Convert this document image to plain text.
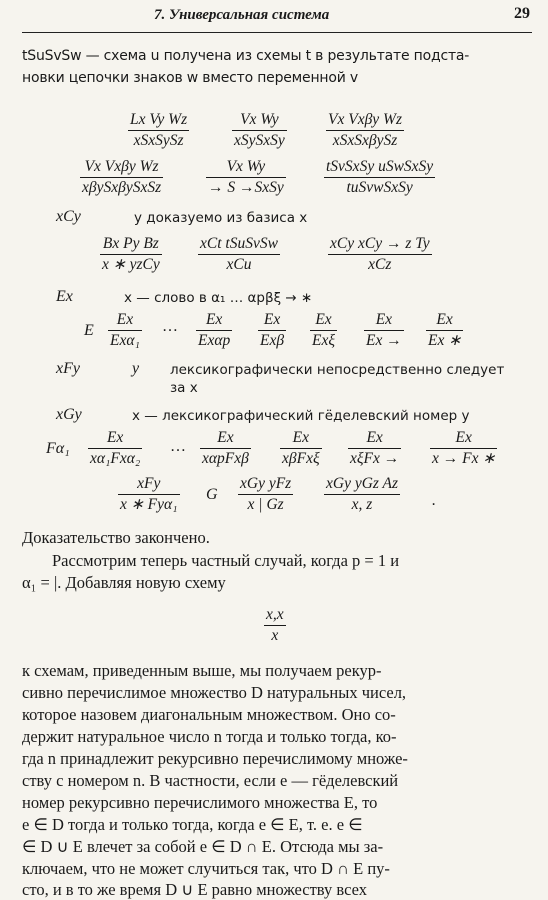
7. Универсальная система	29
tSuSvSw — схема u получена из схемы t в результате подста-
новки цепочки знаков w вместо переменной v
Lx Vy Wz
xSxSySz
Vx Wy
xSySxSy
Vx Vxβy Wz
xSxSxβySz
Vx Vxβy Wz
xβySxβySxSz
Vx Wy
→ S →SxSy
tSvSxSy uSwSxSy
tuSvwSxSy
xCy	y доказуемо из базиса x
Bx Py Bz
x ∗ yzCy
xCt tSuSvSw
xCu
xCy xCy → z Ty
xCz
Ex	x — слово в α₁ … αpβξ → ∗
E
Ex
Exα₁
…	Ex
Exαp
Ex
Exβ
Ex
Exξ $\frac{Ex}{Ex \to} \frac{Ex}{Ex ∗}$
xFy	y лексикографически непосредственно следует
за x
xGy	x — лексикографический гёделевский номер y
Fα₁
Ex
xα₁Fxα₂
…
Ex
xαpFxβ
Ex
xβFxξ
Ex
$x\xi Fx \to \frac{Ex}{x \to Fx ∗}$
xFy
x ∗ Fyα₁
G
xGy yFz
x | Gz
xGy yGz Az
x, z	.
Доказательство закончено.
Рассмотрим теперь частный случай, когда p = 1 и
α₁ = |. Добавляя новую схему
$\frac{x,x}{x}$
к схемам, приведенным выше, мы получаем рекур-
сивно перечислимое множество D натуральных чисел,
которое назовем диагональным множеством. Оно со-
держит натуральное число n тогда и только тогда, ко-
гда n принадлежит рекурсивно перечислимому множе-
ству с номером n. В частности, если e — гёделевский
номер рекурсивно перечислимого множества E, то
e ∈ D тогда и только тогда, когда e ∈ E, т. е. e ∈
∈ D ∪ E влечет за собой e ∈ D ∩ E. Отсюда мы за-
ключаем, что не может случиться так, что D ∩ E пу-
сто, и в то же время D ∪ E равно множеству всех
